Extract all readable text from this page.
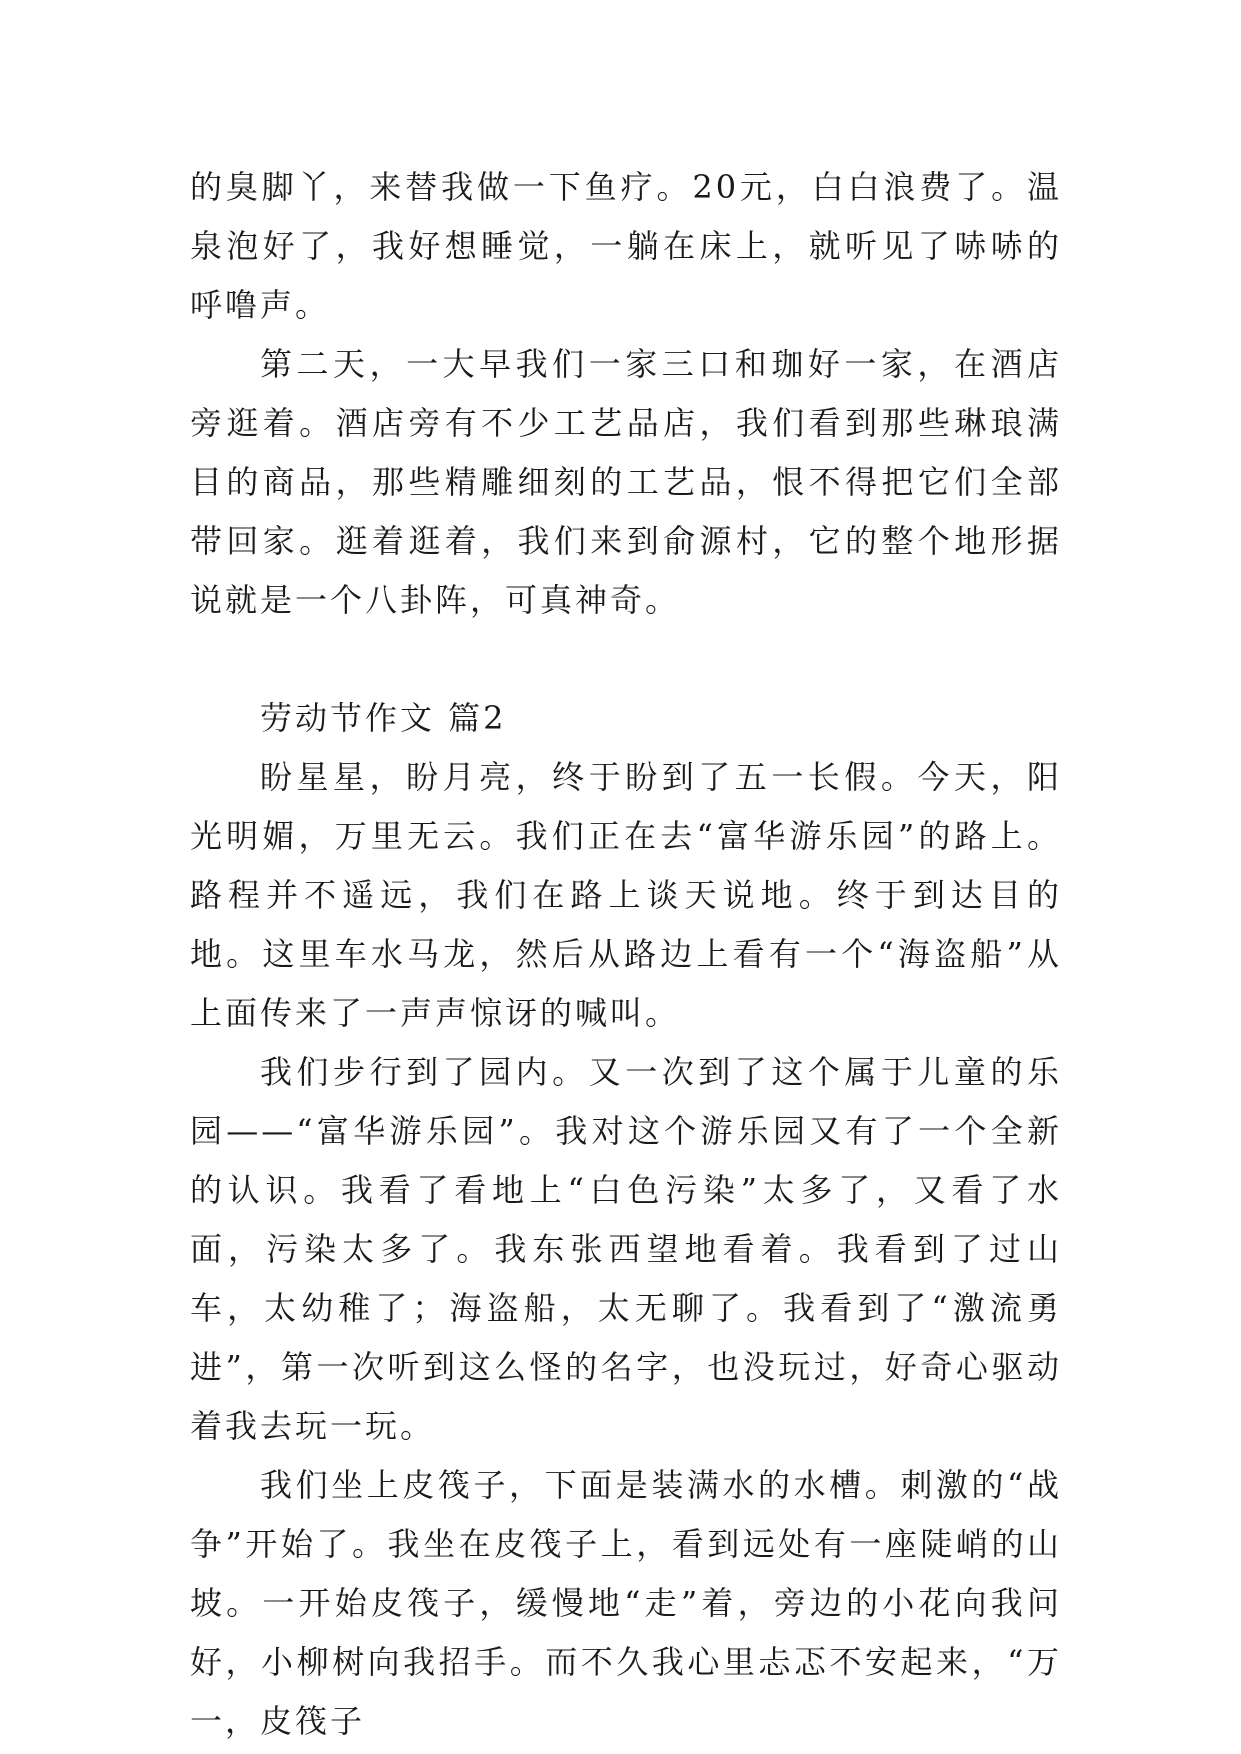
的臭脚丫，来替我做一下鱼疗。20元，白白浪费了。温泉泡好了，我好想睡觉，一躺在床上，就听见了哧哧的呼噜声。

第二天，一大早我们一家三口和珈好一家，在酒店旁逛着。酒店旁有不少工艺品店，我们看到那些琳琅满目的商品，那些精雕细刻的工艺品，恨不得把它们全部带回家。逛着逛着，我们来到俞源村，它的整个地形据说就是一个八卦阵，可真神奇。

劳动节作文 篇2

盼星星，盼月亮，终于盼到了五一长假。今天，阳光明媚，万里无云。我们正在去“富华游乐园”的路上。路程并不遥远，我们在路上谈天说地。终于到达目的地。这里车水马龙，然后从路边上看有一个“海盗船”从上面传来了一声声惊讶的喊叫。

我们步行到了园内。又一次到了这个属于儿童的乐园——“富华游乐园”。我对这个游乐园又有了一个全新的认识。我看了看地上“白色污染”太多了，又看了水面，污染太多了。我东张西望地看着。我看到了过山车，太幼稚了；海盗船，太无聊了。我看到了“激流勇进”，第一次听到这么怪的名字，也没玩过，好奇心驱动着我去玩一玩。

我们坐上皮筏子，下面是装满水的水槽。刺激的“战争”开始了。我坐在皮筏子上，看到远处有一座陡峭的山坡。一开始皮筏子，缓慢地“走”着，旁边的小花向我问好，小柳树向我招手。而不久我心里忐忑不安起来，“万一，皮筏子
